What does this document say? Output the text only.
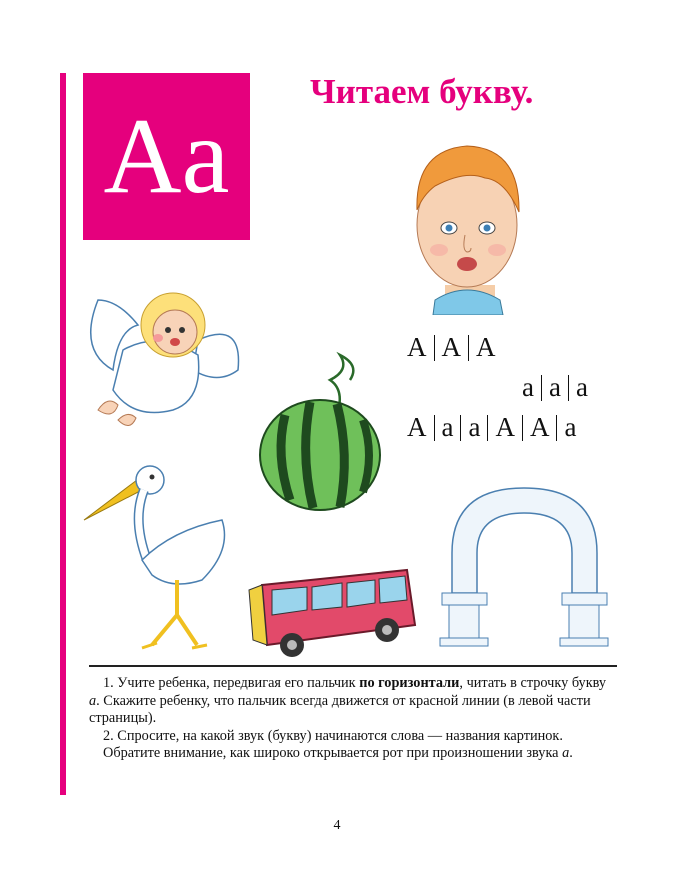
Aa
Читаем букву.
А А А
а а а
А а а А А а

1. Учите ребенка, передвигая его пальчик по горизонтали, читать в строчку букву а. Скажите ребенку, что пальчик всегда движется от красной линии (в левой части страницы).

2. Спросите, на какой звук (букву) начинаются слова — названия картинок.

Обратите внимание, как широко открывается рот при произношении звука а.

4
